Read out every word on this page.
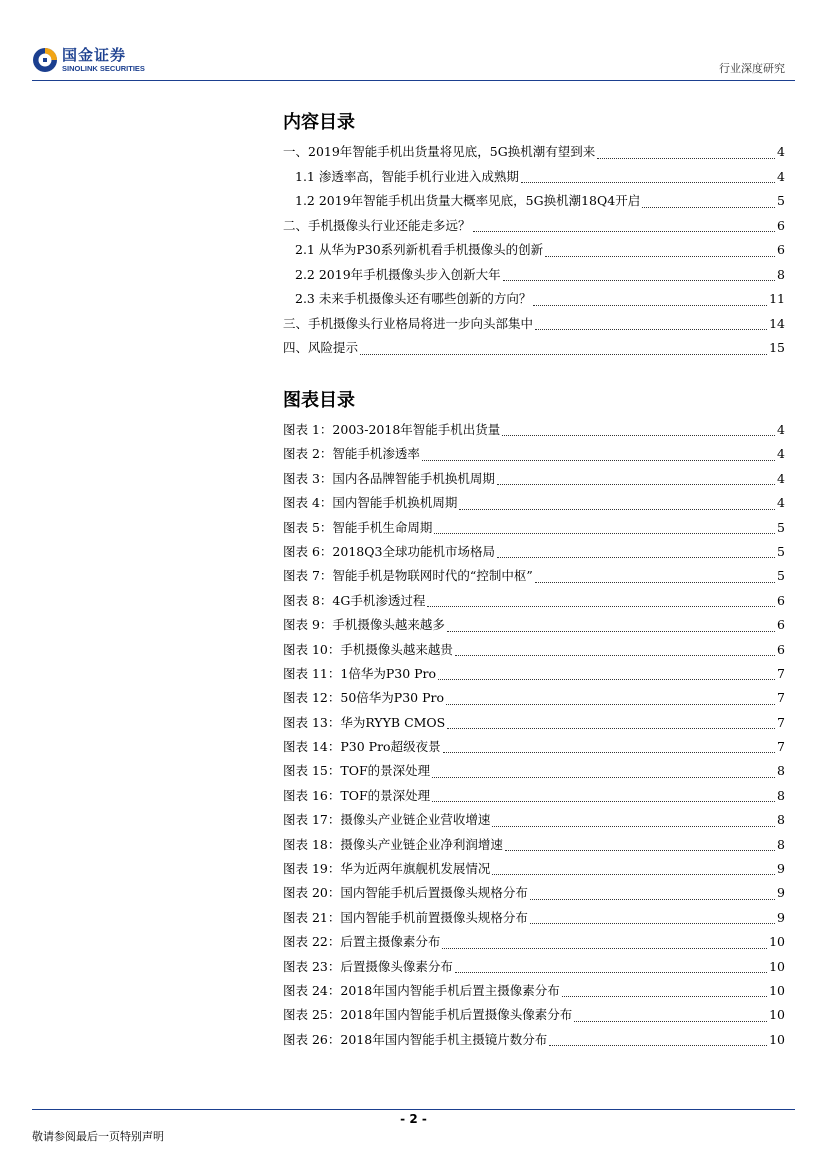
国金证券
SINOLINK SECURITIES	行业深度研究
内容目录
一、2019年智能手机出货量将见底，5G换机潮有望到来	4
1.1 渗透率高，智能手机行业进入成熟期	4
1.2 2019年智能手机出货量大概率见底，5G换机潮18Q4开启	5
二、手机摄像头行业还能走多远？	6
2.1 从华为P30系列新机看手机摄像头的创新	6
2.2 2019年手机摄像头步入创新大年	8
2.3 未来手机摄像头还有哪些创新的方向？	11
三、手机摄像头行业格局将进一步向头部集中	14
四、风险提示	15
图表目录
图表 1：2003-2018年智能手机出货量	4
图表 2：智能手机渗透率	4
图表 3：国内各品牌智能手机换机周期	4
图表 4：国内智能手机换机周期	4
图表 5：智能手机生命周期	5
图表 6：2018Q3全球功能机市场格局	5
图表 7：智能手机是物联网时代的“控制中枢”	5
图表 8：4G手机渗透过程	6
图表 9：手机摄像头越来越多	6
图表 10：手机摄像头越来越贵	6
图表 11：1倍华为P30 Pro	7
图表 12：50倍华为P30 Pro	7
图表 13：华为RYYB CMOS	7
图表 14：P30 Pro超级夜景	7
图表 15：TOF的景深处理	8
图表 16：TOF的景深处理	8
图表 17：摄像头产业链企业营收增速	8
图表 18：摄像头产业链企业净利润增速	8
图表 19：华为近两年旗舰机发展情况	9
图表 20：国内智能手机后置摄像头规格分布	9
图表 21：国内智能手机前置摄像头规格分布	9
图表 22：后置主摄像素分布	10
图表 23：后置摄像头像素分布	10
图表 24：2018年国内智能手机后置主摄像素分布	10
图表 25：2018年国内智能手机后置摄像头像素分布	10
图表 26：2018年国内智能手机主摄镜片数分布	10
- 2 -
敬请参阅最后一页特别声明
